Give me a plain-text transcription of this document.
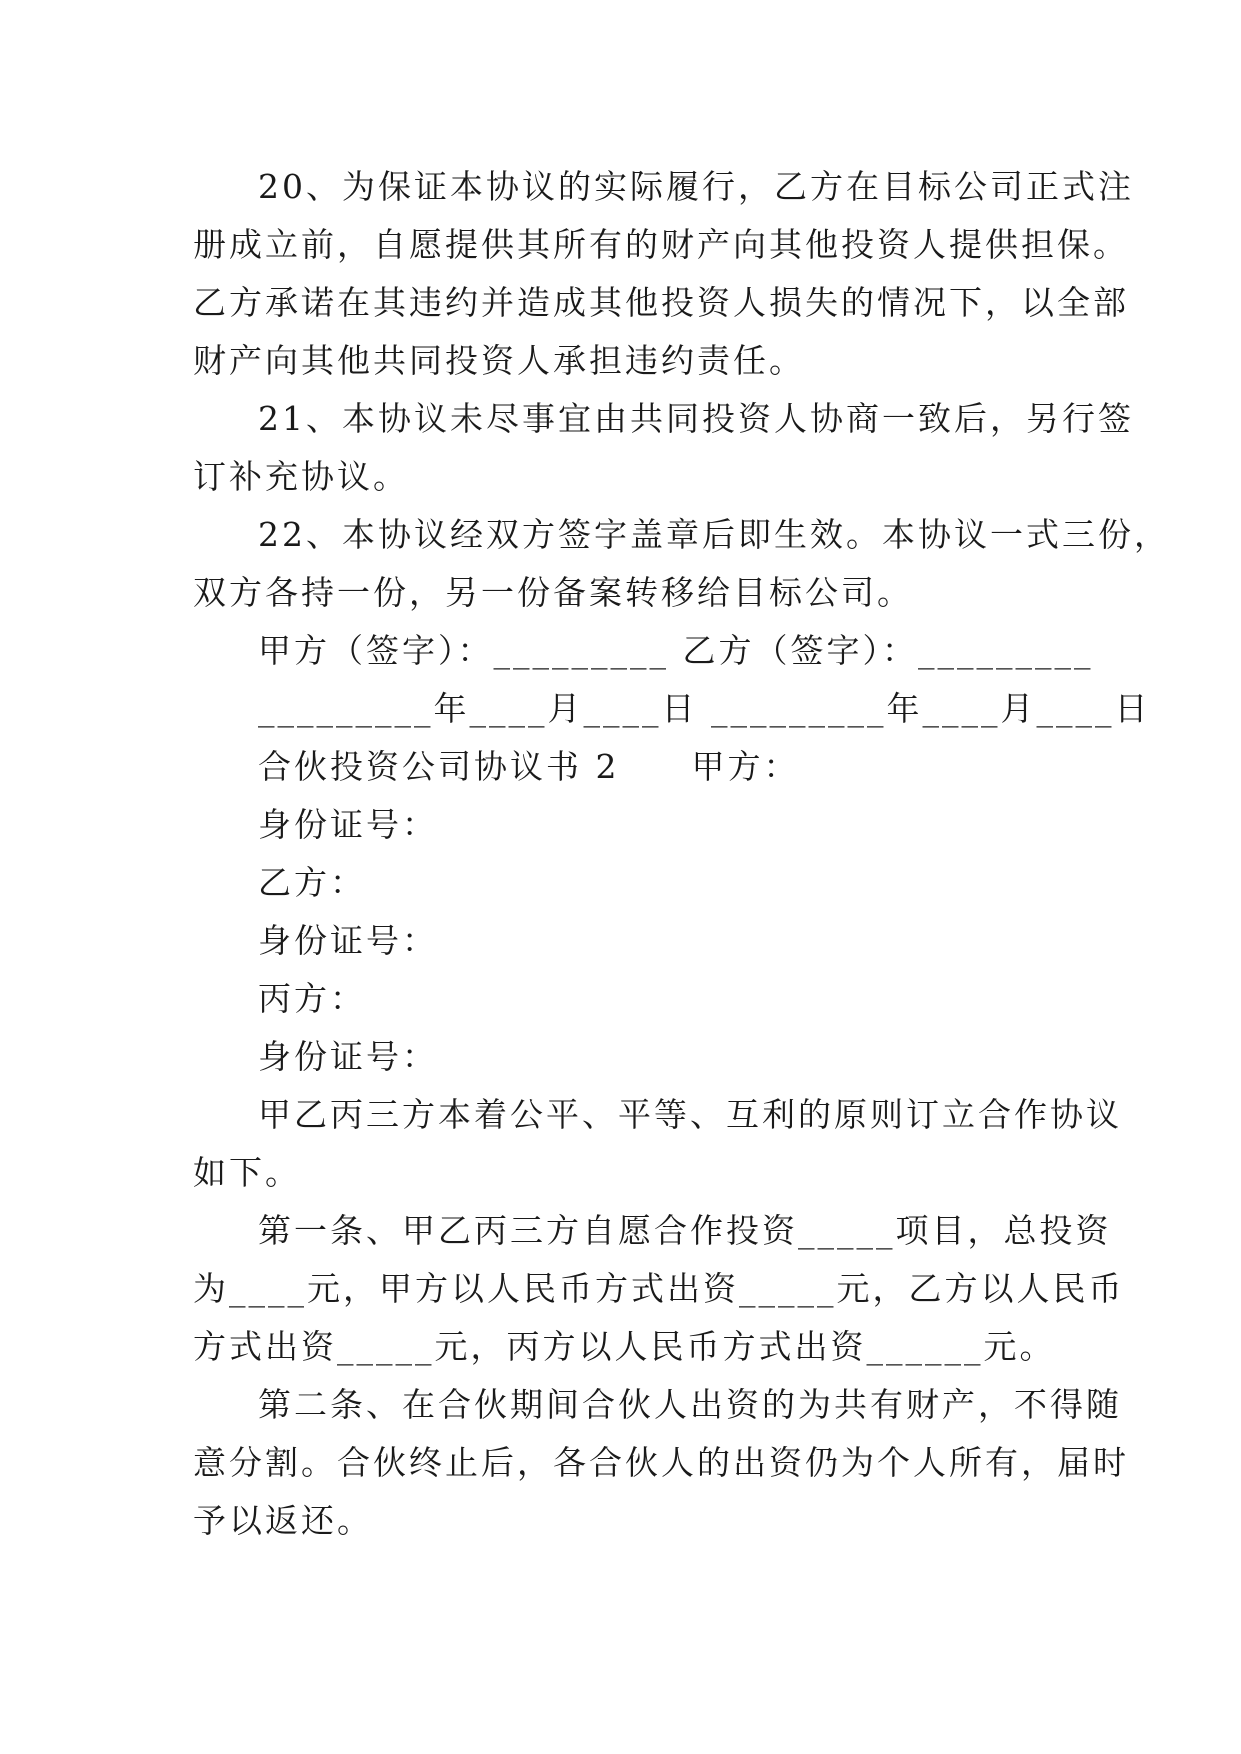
20、为保证本协议的实际履行，乙方在目标公司正式注
册成立前，自愿提供其所有的财产向其他投资人提供担保。
乙方承诺在其违约并造成其他投资人损失的情况下，以全部
财产向其他共同投资人承担违约责任。
21、本协议未尽事宜由共同投资人协商一致后，另行签
订补充协议。
22、本协议经双方签字盖章后即生效。本协议一式三份，
双方各持一份，另一份备案转移给目标公司。
甲方（签字）：_________ 乙方（签字）：_________
_________年____月____日 _________年____月____日
合伙投资公司协议书 2　　甲方：
身份证号：
乙方：
身份证号：
丙方：
身份证号：
甲乙丙三方本着公平、平等、互利的原则订立合作协议
如下。
第一条、甲乙丙三方自愿合作投资_____项目，总投资
为____元，甲方以人民币方式出资_____元，乙方以人民币
方式出资_____元，丙方以人民币方式出资______元。
第二条、在合伙期间合伙人出资的为共有财产，不得随
意分割。合伙终止后，各合伙人的出资仍为个人所有，届时
予以返还。
